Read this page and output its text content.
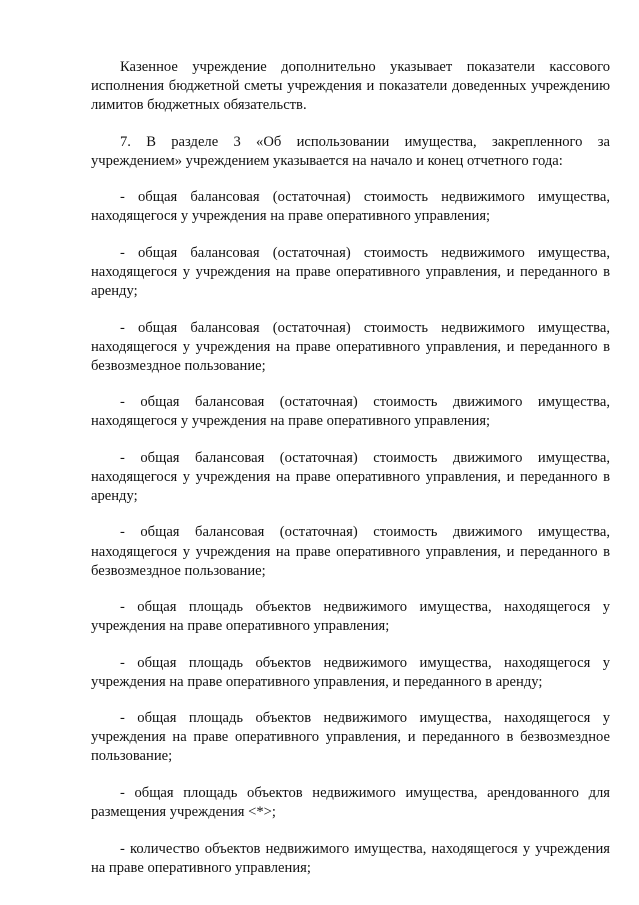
Казенное учреждение дополнительно указывает показатели кассового исполнения бюджетной сметы учреждения и показатели доведенных учреждению лимитов бюджетных обязательств.

7. В разделе 3 «Об использовании имущества, закрепленного за учреждением» учреждением указывается на начало и конец отчетного года:

- общая балансовая (остаточная) стоимость недвижимого имущества, находящегося у учреждения на праве оперативного управления;

- общая балансовая (остаточная) стоимость недвижимого имущества, находящегося у учреждения на праве оперативного управления, и переданного в аренду;

- общая балансовая (остаточная) стоимость недвижимого имущества, находящегося у учреждения на праве оперативного управления, и переданного в безвозмездное пользование;

- общая балансовая (остаточная) стоимость движимого имущества, находящегося у учреждения на праве оперативного управления;

- общая балансовая (остаточная) стоимость движимого имущества, находящегося у учреждения на праве оперативного управления, и переданного в аренду;

- общая балансовая (остаточная) стоимость движимого имущества, находящегося у учреждения на праве оперативного управления, и переданного в безвозмездное пользование;

- общая площадь объектов недвижимого имущества, находящегося у учреждения на праве оперативного управления;

- общая площадь объектов недвижимого имущества, находящегося у учреждения на праве оперативного управления, и переданного в аренду;

- общая площадь объектов недвижимого имущества, находящегося у учреждения на праве оперативного управления, и переданного в безвозмездное пользование;

- общая площадь объектов недвижимого имущества, арендованного для размещения учреждения <*>;

- количество объектов недвижимого имущества, находящегося у учреждения на праве оперативного управления;
